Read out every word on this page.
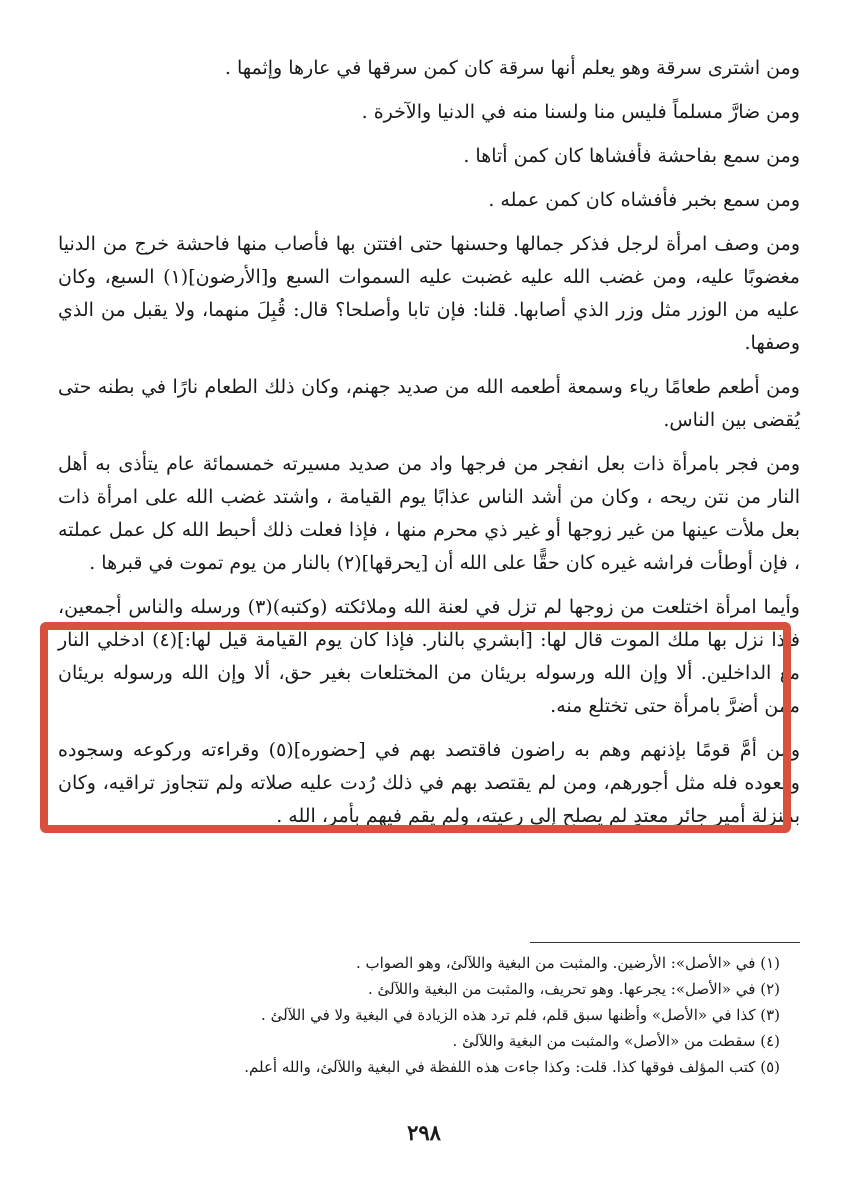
ومن اشترى سرقة وهو يعلم أنها سرقة كان كمن سرقها في عارها وإثمها .

ومن ضارَّ مسلماً فليس منا ولسنا منه في الدنيا والآخرة .

ومن سمع بفاحشة فأفشاها كان كمن أتاها .

ومن سمع بخبر فأفشاه كان كمن عمله .

ومن وصف امرأة لرجل فذكر جمالها وحسنها حتى افتتن بها فأصاب منها فاحشة خرج من الدنيا مغضوبًا عليه، ومن غضب الله عليه غضبت عليه السموات السبع و[الأرضون](١) السبع، وكان عليه من الوزر مثل وزر الذي أصابها. قلنا: فإن تابا وأصلحا؟ قال: قُبِلَ منهما، ولا يقبل من الذي وصفها.

ومن أطعم طعامًا رياء وسمعة أطعمه الله من صديد جهنم، وكان ذلك الطعام نارًا في بطنه حتى يُقضى بين الناس.

ومن فجر بامرأة ذات بعل انفجر من فرجها واد من صديد مسيرته خمسمائة عام يتأذى به أهل النار من نتن ريحه ، وكان من أشد الناس عذابًا يوم القيامة ، واشتد غضب الله على امرأة ذات بعل ملأت عينها من غير زوجها أو غير ذي محرم منها ، فإذا فعلت ذلك أحبط الله كل عمل عملته ، فإن أوطأت فراشه غيره كان حقًّا على الله أن [يحرقها](٢) بالنار من يوم تموت في قبرها .

وأيما امرأة اختلعت من زوجها لم تزل في لعنة الله وملائكته (وكتبه)(٣) ورسله والناس أجمعين، فإذا نزل بها ملك الموت قال لها: [أبشري بالنار. فإذا كان يوم القيامة قيل لها:](٤) ادخلي النار مع الداخلين. ألا وإن الله ورسوله بريئان من المختلعات بغير حق، ألا وإن الله ورسوله بريئان ممن أضرَّ بامرأة حتى تختلع منه.

ومن أمَّ قومًا بإذنهم وهم به راضون فاقتصد بهم في [حضوره](٥) وقراءته وركوعه وسجوده وقعوده فله مثل أجورهم، ومن لم يقتصد بهم في ذلك رُدت عليه صلاته ولم تتجاوز تراقيه، وكان بمنزلة أمير جائر معتدٍ لم يصلح إلى رعيته، ولم يقم فيهم بأمر، الله .

(١) في «الأصل»: الأرضين. والمثبت من البغية واللآلئ، وهو الصواب .

(٢) في «الأصل»: يجرعها. وهو تحريف، والمثبت من البغية واللآلئ .

(٣) كذا في «الأصل» وأظنها سبق قلم، فلم ترد هذه الزيادة في البغية ولا في اللآلئ .

(٤) سقطت من «الأصل» والمثبت من البغية واللآلئ .

(٥) كتب المؤلف فوقها كذا. قلت: وكذا جاءت هذه اللفظة في البغية واللآلئ، والله أعلم.

٢٩٨
